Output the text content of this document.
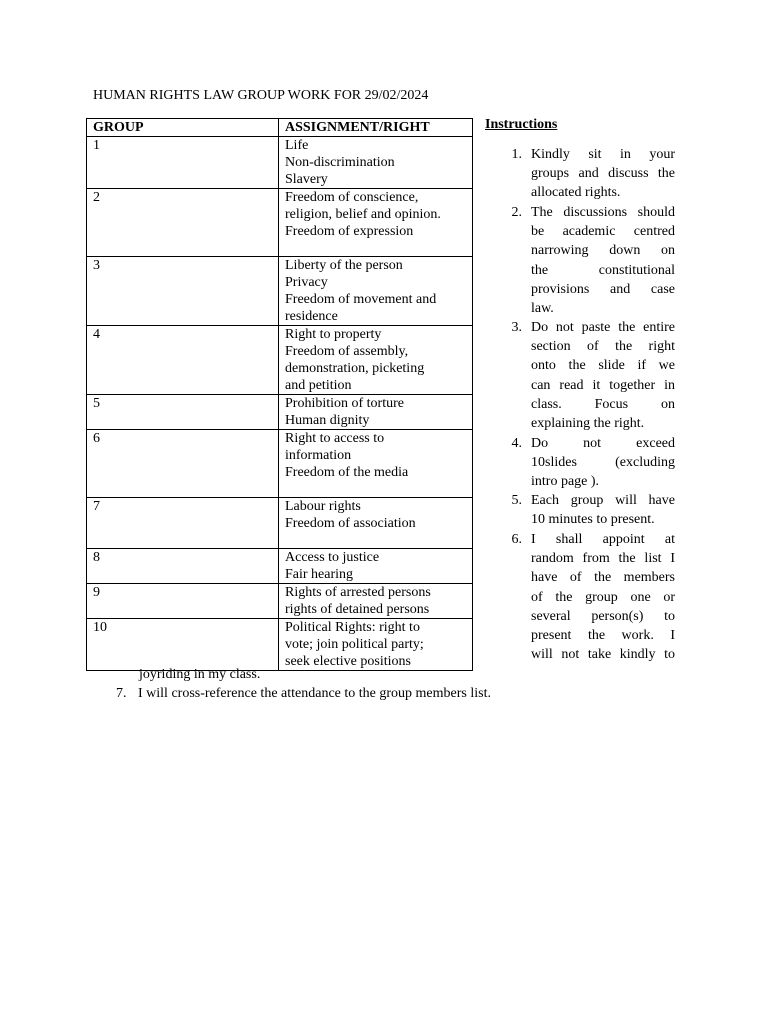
HUMAN RIGHTS LAW GROUP WORK FOR 29/02/2024
GROUP	ASSIGNMENT/RIGHT
1	Life
Non-discrimination
Slavery

2	Freedom of conscience,
religion, belief and opinion.
Freedom of expression

3	Liberty of the person
Privacy
Freedom of movement and
residence

4	Right to property
Freedom of assembly,
demonstration, picketing
and petition

5	Prohibition of torture
Human dignity

6	Right to access to
information
Freedom of the media

7	Labour rights
Freedom of association

8	Access to justice
Fair hearing

9	Rights of arrested persons
rights of detained persons

10	Political Rights: right to
vote; join political party;
seek elective positions
Instructions
1. Kindly sit in your
groups and discuss the
allocated rights.
2. The discussions should
be academic centred
narrowing down on
the constitutional
provisions and case
law.
3. Do not paste the entire
section of the right
onto the slide if we
can read it together in
class. Focus on
explaining the right.
4. Do not exceed
10slides (excluding
intro page ).
5. Each group will have
10 minutes to present.
6. I shall appoint at
random from the list I
have of the members
of the group one or
several person(s) to
present the work. I
will not take kindly to
joyriding in my class.
7. I will cross-reference the attendance to the group members list.
